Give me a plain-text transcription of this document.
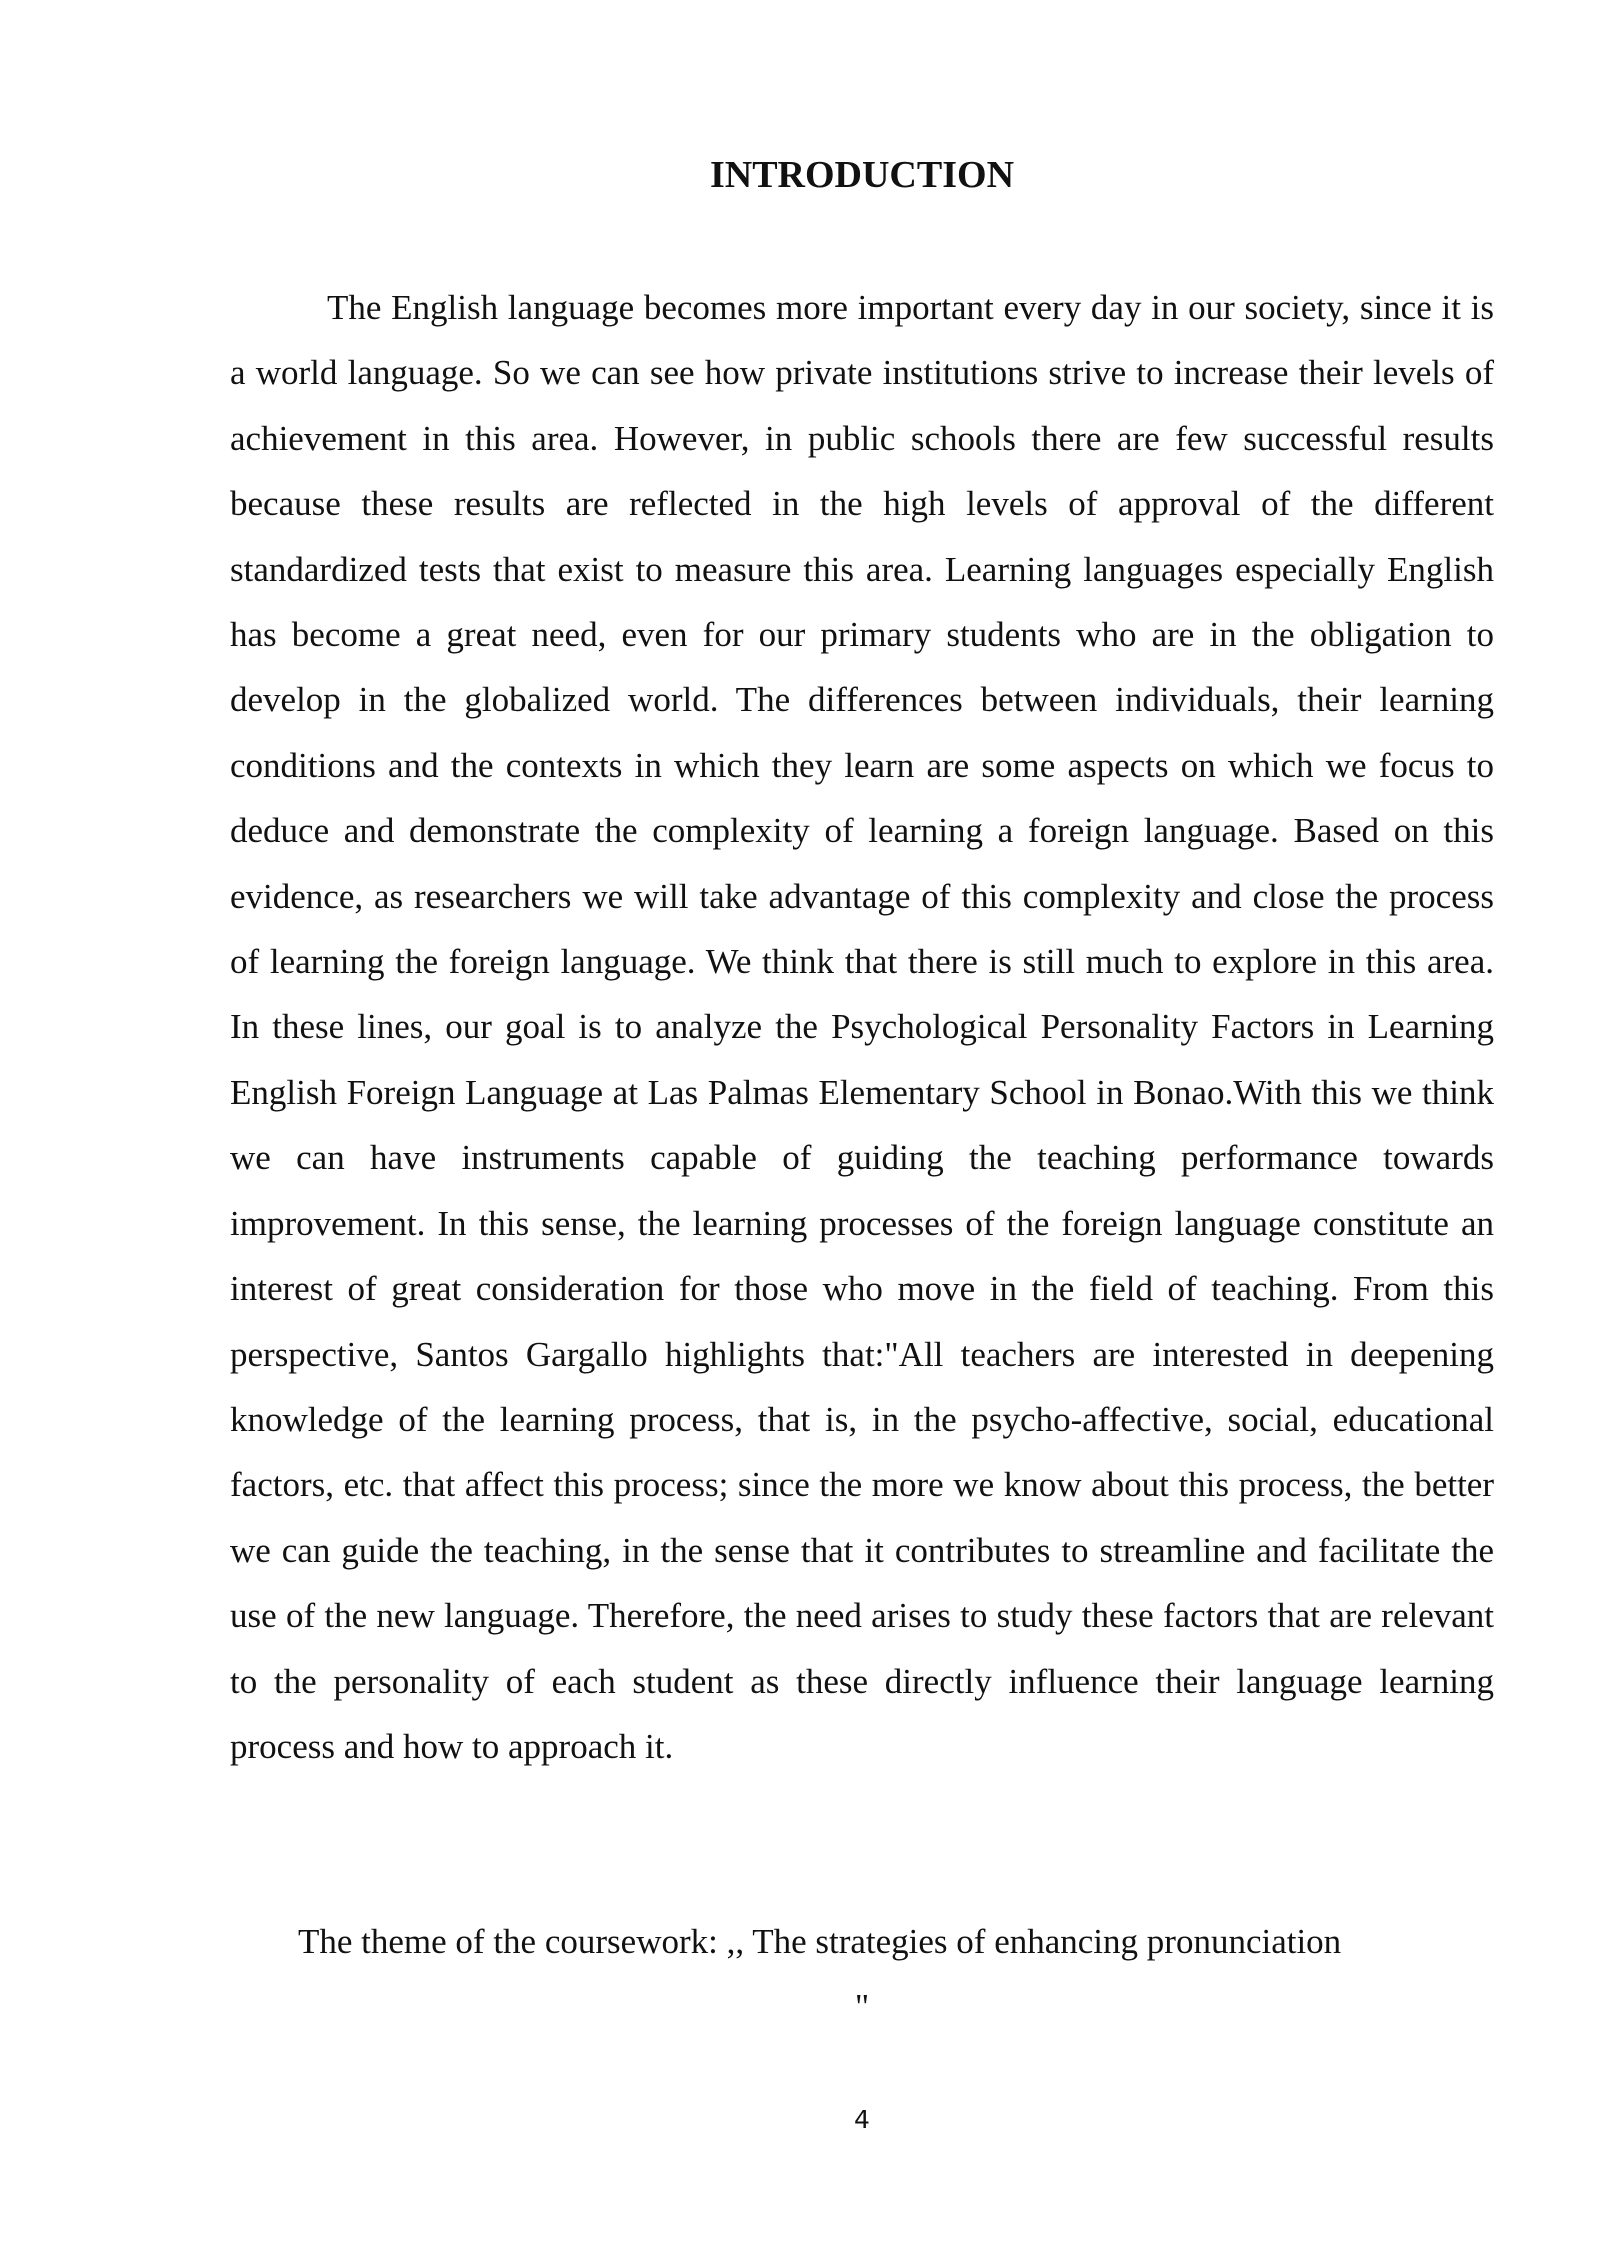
INTRODUCTION

The English language becomes more important every day in our society, since it is a world language. So we can see how private institutions strive to increase their levels of achievement in this area. However, in public schools there are few successful results because these results are reflected in the high levels of approval of the different standardized tests that exist to measure this area. Learning languages especially English has become a great need, even for our primary students who are in the obligation to develop in the globalized world. The differences between individuals, their learning conditions and the contexts in which they learn are some aspects on which we focus to deduce and demonstrate the complexity of learning a foreign language. Based on this evidence, as researchers we will take advantage of this complexity and close the process of learning the foreign language. We think that there is still much to explore in this area. In these lines, our goal is to analyze the Psychological Personality Factors in Learning English Foreign Language at Las Palmas Elementary School in Bonao.With this we think we can have instruments capable of guiding the teaching performance towards improvement. In this sense, the learning processes of the foreign language constitute an interest of great consideration for those who move in the field of teaching. From this perspective, Santos Gargallo highlights that:"All teachers are interested in deepening knowledge of the learning process, that is, in the psycho-affective, social, educational factors, etc. that affect this process; since the more we know about this process, the better we can guide the teaching, in the sense that it contributes to streamline and facilitate the use of the new language. Therefore, the need arises to study these factors that are relevant to the personality of each student as these directly influence their language learning process and how to approach it.

The theme of the coursework: ,, The strategies of enhancing pronunciation

"

4
